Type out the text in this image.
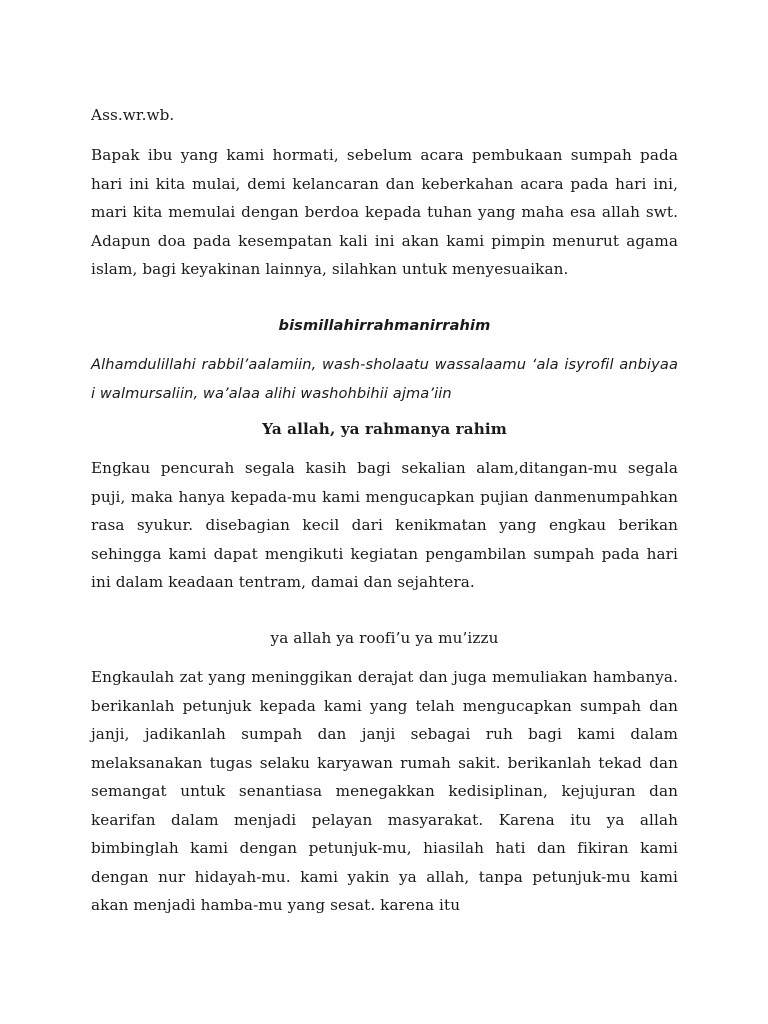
Ass.wr.wb.

Bapak ibu yang kami hormati, sebelum acara pembukaan sumpah pada hari ini kita mulai, demi kelancaran dan keberkahan acara pada hari ini, mari kita memulai dengan berdoa kepada tuhan yang maha esa allah swt. Adapun doa pada kesempatan kali ini akan kami pimpin menurut agama islam, bagi keyakinan lainnya, silahkan untuk menyesuaikan.

bismillahirrahmanirrahim

Alhamdulillahi rabbil’aalamiin, wash-sholaatu wassalaamu ‘ala isyrofil anbiyaa i walmursaliin, wa’alaa alihi washohbihii ajma’iin

Ya allah, ya rahmanya rahim

Engkau pencurah segala kasih bagi sekalian alam,ditangan-mu segala puji, maka hanya kepada-mu kami mengucapkan pujian danmenumpahkan rasa syukur. disebagian kecil dari kenikmatan yang engkau berikan sehingga kami dapat mengikuti kegiatan pengambilan sumpah pada hari ini dalam keadaan tentram, damai dan sejahtera.

ya allah ya roofi’u ya mu’izzu

Engkaulah zat yang meninggikan derajat dan juga memuliakan hambanya. berikanlah petunjuk kepada kami yang telah mengucapkan sumpah dan janji, jadikanlah sumpah dan janji sebagai ruh bagi kami dalam melaksanakan tugas selaku karyawan rumah sakit. berikanlah tekad dan semangat untuk senantiasa menegakkan kedisiplinan, kejujuran dan kearifan dalam menjadi pelayan masyarakat. Karena itu ya allah bimbinglah kami dengan petunjuk-mu, hiasilah hati dan fikiran kami dengan nur hidayah-mu. kami yakin ya allah, tanpa petunjuk-mu kami akan menjadi hamba-mu yang sesat. karena itu
